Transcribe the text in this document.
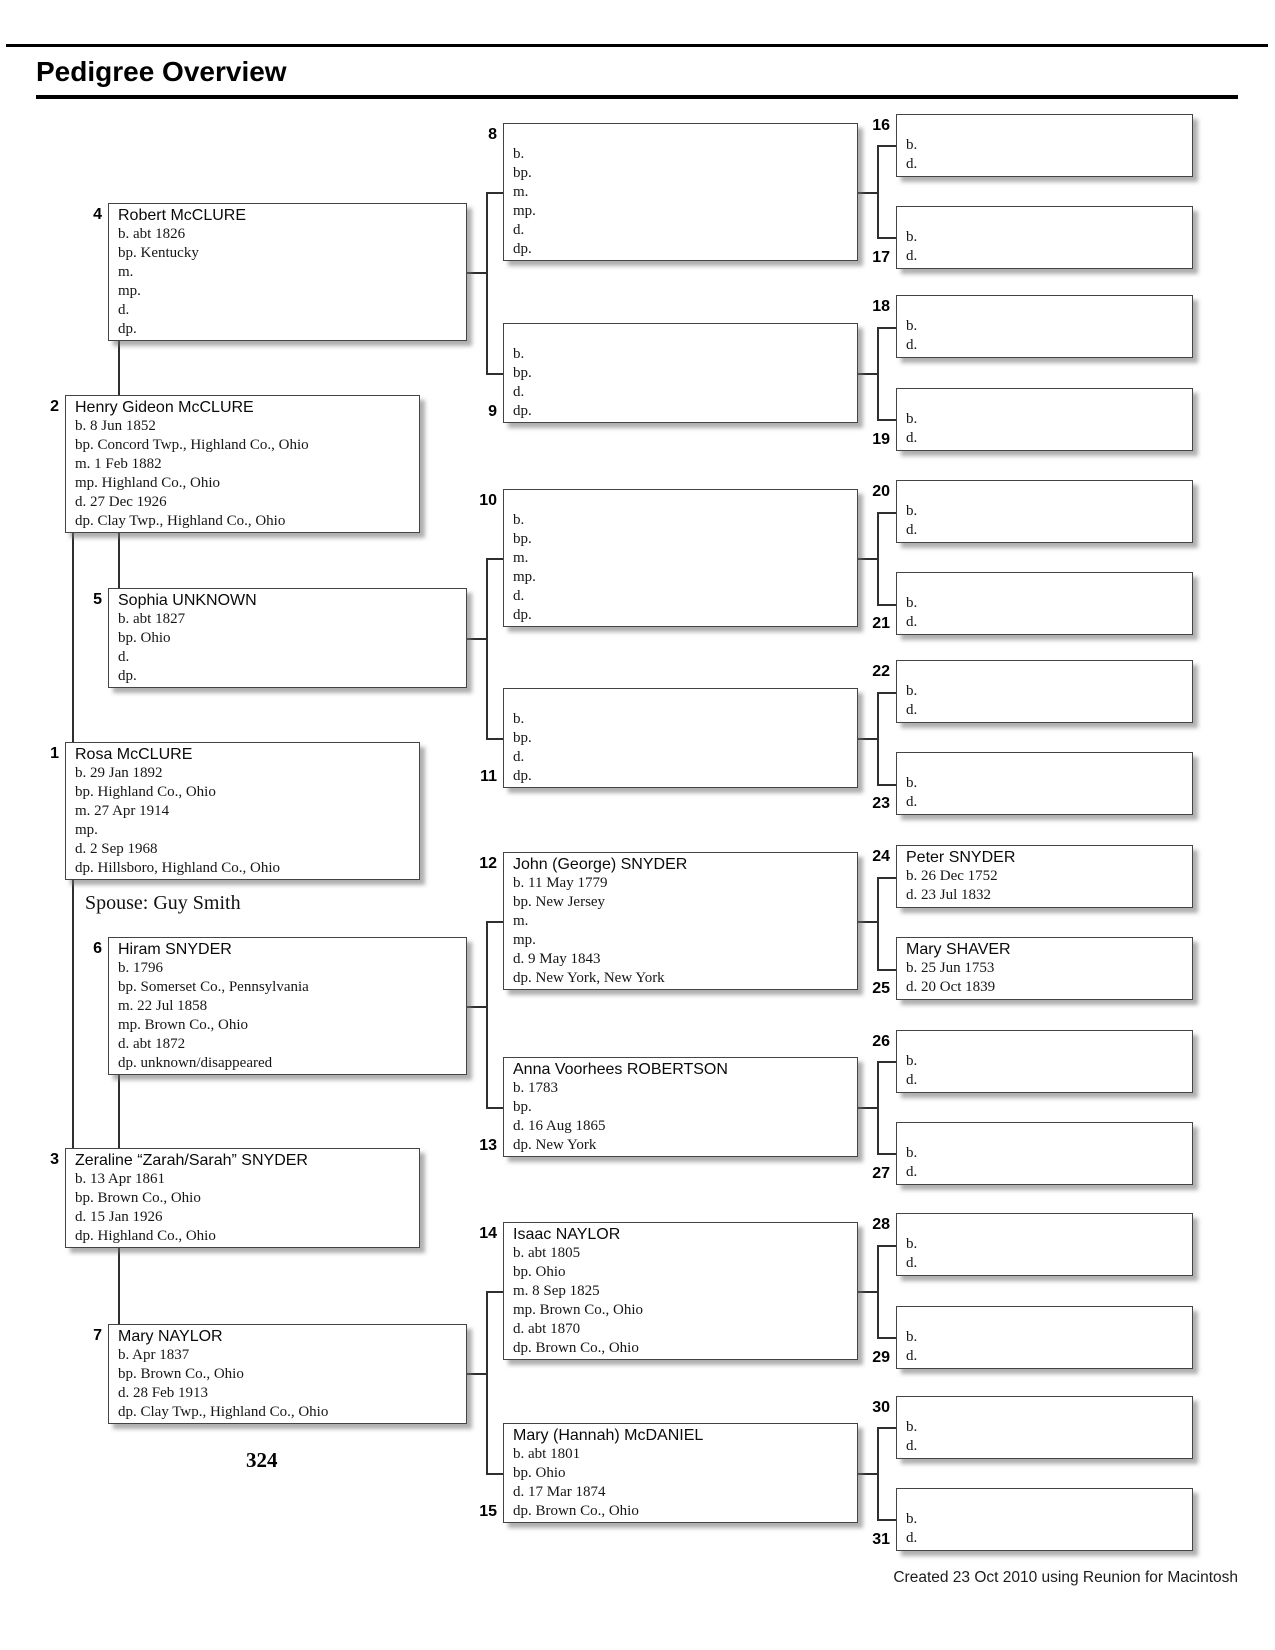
Pedigree Overview
Rosa McCLURE
b. 29 Jan 1892
bp. Highland Co., Ohio
m. 27 Apr 1914
mp.
d. 2 Sep 1968
dp. Hillsboro, Highland Co., Ohio
1
Henry Gideon McCLURE
b. 8 Jun 1852
bp. Concord Twp., Highland Co., Ohio
m. 1 Feb 1882
mp. Highland Co., Ohio
d. 27 Dec 1926
dp. Clay Twp., Highland Co., Ohio
2
Zeraline “Zarah/Sarah” SNYDER
b. 13 Apr 1861
bp. Brown Co., Ohio
d. 15 Jan 1926
dp. Highland Co., Ohio
3
Robert McCLURE
b. abt 1826
bp. Kentucky
m.
mp.
d.
dp.
4
Sophia UNKNOWN
b. abt 1827
bp. Ohio
d.
dp.
5
Hiram SNYDER
b. 1796
bp. Somerset Co., Pennsylvania
m. 22 Jul 1858
mp. Brown Co., Ohio
d. abt 1872
dp. unknown/disappeared
6
Mary NAYLOR
b. Apr 1837
bp. Brown Co., Ohio
d. 28 Feb 1913
dp. Clay Twp., Highland Co., Ohio
7
b.
bp.
m.
mp.
d.
dp.
8
b.
bp.
d.
dp.
9
b.
bp.
m.
mp.
d.
dp.
10
b.
bp.
d.
dp.
11
John (George) SNYDER
b. 11 May 1779
bp. New Jersey
m.
mp.
d. 9 May 1843
dp. New York, New York
12
Anna Voorhees ROBERTSON
b. 1783
bp.
d. 16 Aug 1865
dp. New York
13
Isaac NAYLOR
b. abt 1805
bp. Ohio
m. 8 Sep 1825
mp. Brown Co., Ohio
d. abt 1870
dp. Brown Co., Ohio
14
Mary (Hannah) McDANIEL
b. abt 1801
bp. Ohio
d. 17 Mar 1874
dp. Brown Co., Ohio
15
b.
d.
16
b.
d.
17
b.
d.
18
b.
d.
19
b.
d.
20
b.
d.
21
b.
d.
22
b.
d.
23
Peter SNYDER
b. 26 Dec 1752
d. 23 Jul 1832
24
Mary SHAVER
b. 25 Jun 1753
d. 20 Oct 1839
25
b.
d.
26
b.
d.
27
b.
d.
28
b.
d.
29
b.
d.
30
b.
d.
31
Spouse: Guy Smith
324
Created 23 Oct 2010 using Reunion for Macintosh
